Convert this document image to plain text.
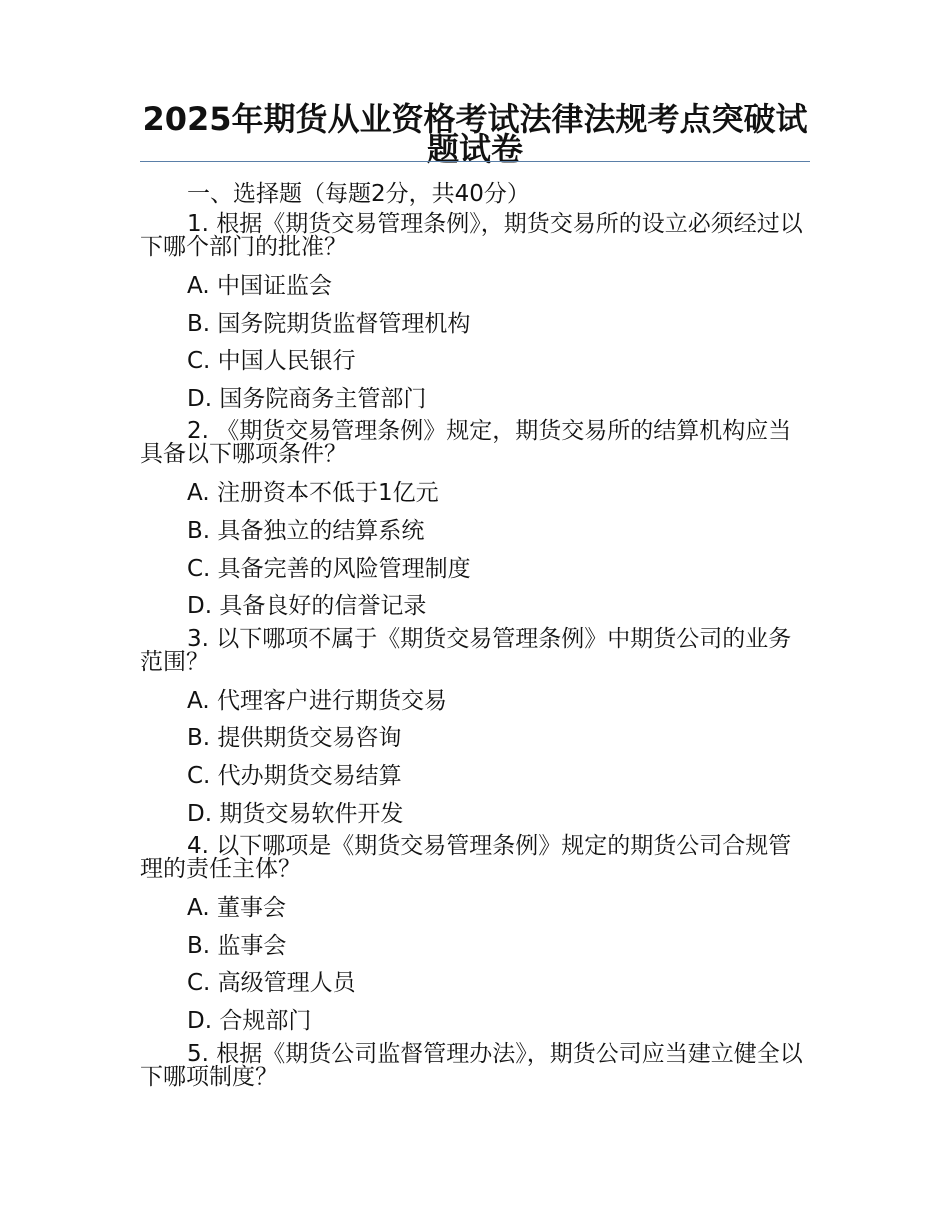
2025年期货从业资格考试法律法规考点突破试题试卷
一、选择题（每题2分，共40分）
1. 根据《期货交易管理条例》，期货交易所的设立必须经过以下哪个部门的批准？
A. 中国证监会
B. 国务院期货监督管理机构
C. 中国人民银行
D. 国务院商务主管部门
2. 《期货交易管理条例》规定，期货交易所的结算机构应当具备以下哪项条件？
A. 注册资本不低于1亿元
B. 具备独立的结算系统
C. 具备完善的风险管理制度
D. 具备良好的信誉记录
3. 以下哪项不属于《期货交易管理条例》中期货公司的业务范围？
A. 代理客户进行期货交易
B. 提供期货交易咨询
C. 代办期货交易结算
D. 期货交易软件开发
4. 以下哪项是《期货交易管理条例》规定的期货公司合规管理的责任主体？
A. 董事会
B. 监事会
C. 高级管理人员
D. 合规部门
5. 根据《期货公司监督管理办法》，期货公司应当建立健全以下哪项制度？
